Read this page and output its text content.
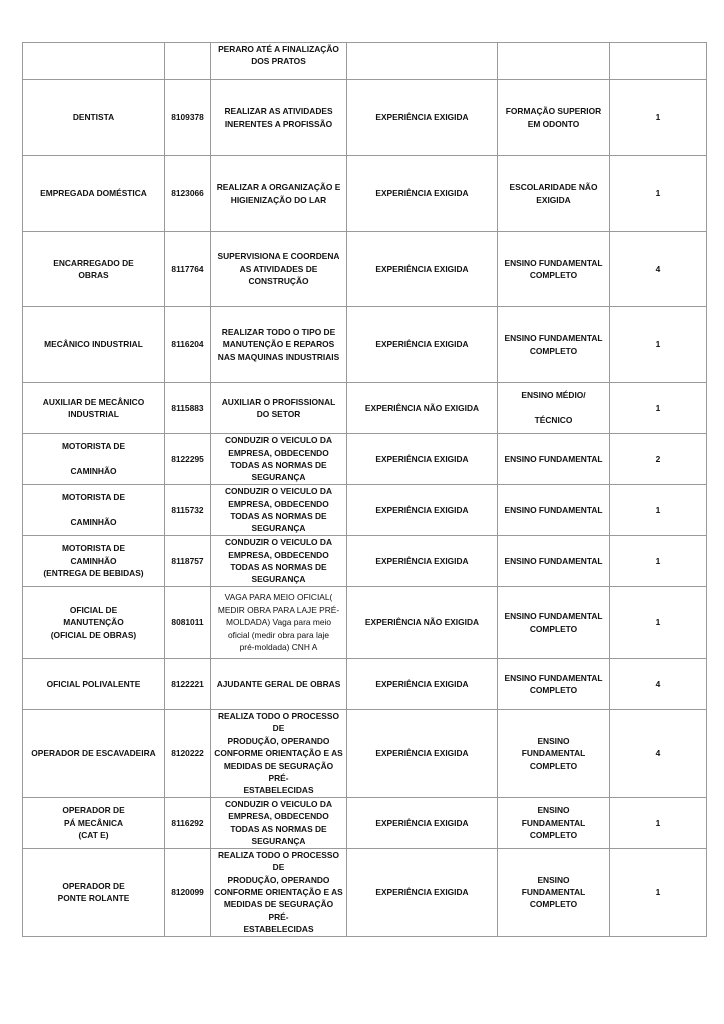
		PERARO ATÉ A FINALIZAÇÃO
DOS PRATOS			
DENTISTA	8109378	REALIZAR AS ATIVIDADES
INERENTES A PROFISSÃO	EXPERIÊNCIA EXIGIDA	FORMAÇÃO SUPERIOR
EM ODONTO	1
EMPREGADA DOMÉSTICA	8123066	REALIZAR A ORGANIZAÇÃO E
HIGIENIZAÇÃO DO LAR	EXPERIÊNCIA EXIGIDA	ESCOLARIDADE NÃO
EXIGIDA	1
ENCARREGADO DE
OBRAS	8117764	SUPERVISIONA E COORDENA
AS ATIVIDADES DE
CONSTRUÇÃO	EXPERIÊNCIA EXIGIDA	ENSINO FUNDAMENTAL
COMPLETO	4
MECÂNICO INDUSTRIAL	8116204	REALIZAR TODO O TIPO DE
MANUTENÇÃO E REPAROS
NAS MAQUINAS INDUSTRIAIS	EXPERIÊNCIA EXIGIDA	ENSINO FUNDAMENTAL
COMPLETO	1
AUXILIAR DE MECÂNICO
INDUSTRIAL	8115883	AUXILIAR O PROFISSIONAL
DO SETOR	EXPERIÊNCIA NÃO EXIGIDA	ENSINO MÉDIO/

TÉCNICO	1
MOTORISTA DE

CAMINHÃO	8122295	CONDUZIR O VEICULO DA
EMPRESA, OBDECENDO
TODAS AS NORMAS DE
SEGURANÇA	EXPERIÊNCIA EXIGIDA	ENSINO FUNDAMENTAL	2
MOTORISTA DE

CAMINHÃO	8115732	CONDUZIR O VEICULO DA
EMPRESA, OBDECENDO
TODAS AS NORMAS DE
SEGURANÇA	EXPERIÊNCIA EXIGIDA	ENSINO FUNDAMENTAL	1
MOTORISTA DE
CAMINHÃO
(ENTREGA DE BEBIDAS)	8118757	CONDUZIR O VEICULO DA
EMPRESA, OBDECENDO
TODAS AS NORMAS DE
SEGURANÇA	EXPERIÊNCIA EXIGIDA	ENSINO FUNDAMENTAL	1
OFICIAL DE
MANUTENÇÃO
(OFICIAL DE OBRAS)	8081011	VAGA PARA MEIO OFICIAL(
MEDIR OBRA PARA LAJE PRÉ-
MOLDADA) Vaga para meio
oficial (medir obra para laje
pré-moldada) CNH A	EXPERIÊNCIA NÃO EXIGIDA	ENSINO FUNDAMENTAL
COMPLETO	1
OFICIAL POLIVALENTE	8122221	AJUDANTE GERAL DE OBRAS	EXPERIÊNCIA EXIGIDA	ENSINO FUNDAMENTAL
COMPLETO	4
OPERADOR DE ESCAVADEIRA	8120222	REALIZA TODO O PROCESSO DE
PRODUÇÃO, OPERANDO
CONFORME ORIENTAÇÃO E AS
MEDIDAS DE SEGURAÇÃO PRÉ-
ESTABELECIDAS	EXPERIÊNCIA EXIGIDA	ENSINO
FUNDAMENTAL
COMPLETO	4
OPERADOR DE
PÁ MECÂNICA
(CAT E)	8116292	CONDUZIR O VEICULO DA
EMPRESA, OBDECENDO
TODAS AS NORMAS DE
SEGURANÇA	EXPERIÊNCIA EXIGIDA	ENSINO
FUNDAMENTAL
COMPLETO	1
OPERADOR DE
PONTE ROLANTE	8120099	REALIZA TODO O PROCESSO DE
PRODUÇÃO, OPERANDO
CONFORME ORIENTAÇÃO E AS
MEDIDAS DE SEGURAÇÃO PRÉ-
ESTABELECIDAS	EXPERIÊNCIA EXIGIDA	ENSINO
FUNDAMENTAL
COMPLETO	1
